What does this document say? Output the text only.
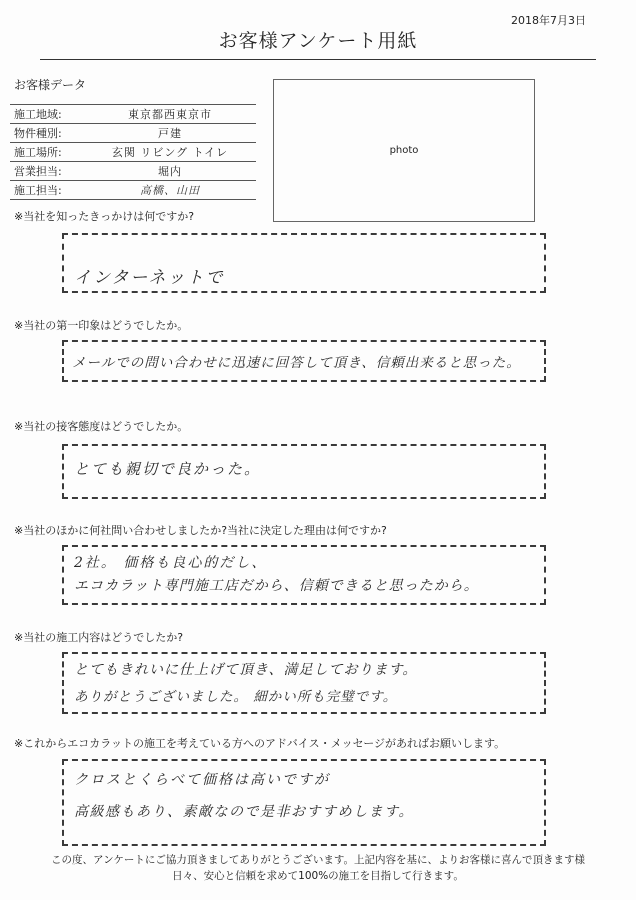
2018年7月3日
お客様アンケート用紙
お客様データ
施工地域:	東京都西東京市
物件種別:	戸建
施工場所:	玄関 リビング トイレ
営業担当:	堀内
施工担当:	高橋、山田
photo
※当社を知ったきっかけは何ですか?
インターネットで
※当社の第一印象はどうでしたか。
メールでの問い合わせに迅速に回答して頂き、信頼出来ると思った。
※当社の接客態度はどうでしたか。
とても親切で良かった。
※当社のほかに何社問い合わせしましたか?当社に決定した理由は何ですか?
2社。 価格も良心的だし、
エコカラット専門施工店だから、信頼できると思ったから。
※当社の施工内容はどうでしたか?
とてもきれいに仕上げて頂き、満足しております。
ありがとうございました。 細かい所も完璧です。
※これからエコカラットの施工を考えている方へのアドバイス・メッセージがあればお願いします。
クロスとくらべて価格は高いですが
高級感もあり、素敵なので是非おすすめします。
この度、アンケートにご協力頂きましてありがとうございます。上記内容を基に、よりお客様に喜んで頂きます様
日々、安心と信頼を求めて100%の施工を目指して行きます。
